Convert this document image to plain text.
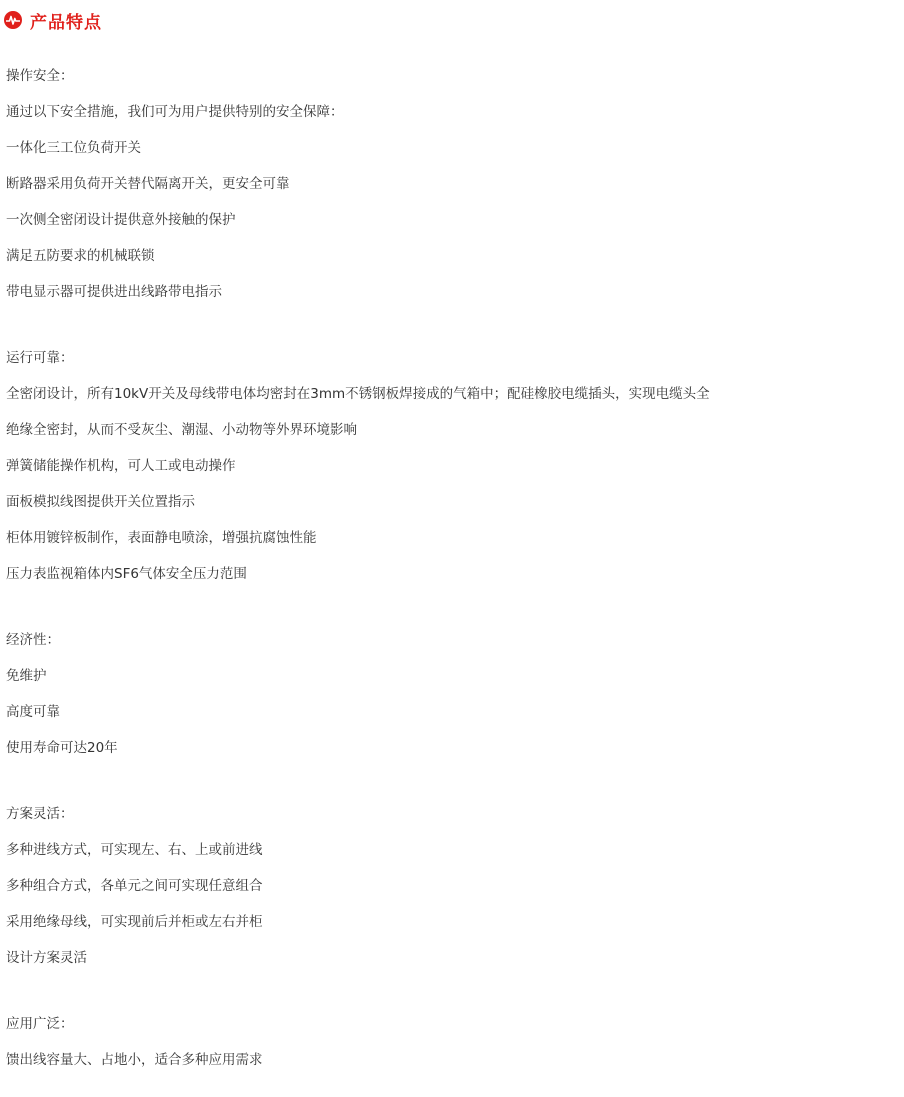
产品特点
操作安全：
通过以下安全措施，我们可为用户提供特别的安全保障：
一体化三工位负荷开关
断路器采用负荷开关替代隔离开关，更安全可靠
一次侧全密闭设计提供意外接触的保护
满足五防要求的机械联锁
带电显示器可提供进出线路带电指示
运行可靠：
全密闭设计，所有10kV开关及母线带电体均密封在3mm不锈钢板焊接成的气箱中；配硅橡胶电缆插头，实现电缆头全
绝缘全密封，从而不受灰尘、潮湿、小动物等外界环境影响
弹簧储能操作机构，可人工或电动操作
面板模拟线图提供开关位置指示
柜体用镀锌板制作，表面静电喷涂，增强抗腐蚀性能
压力表监视箱体内SF6气体安全压力范围
经济性：
免维护
高度可靠
使用寿命可达20年
方案灵活：
多种进线方式，可实现左、右、上或前进线
多种组合方式，各单元之间可实现任意组合
采用绝缘母线，可实现前后并柜或左右并柜
设计方案灵活
应用广泛：
馈出线容量大、占地小，适合多种应用需求
